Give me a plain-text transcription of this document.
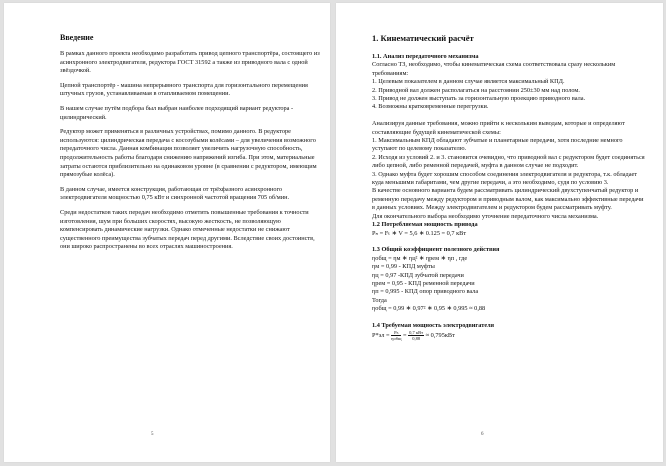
Введение

В рамках данного проекта необходимо разработать привод цепного транспортёра, состоящего из асинхронного электродвигателя, редуктора ГОСТ 31592 а также из приводного вала с одной звёздочкой.

Цепной транспортёр - машина непрерывного транспорта для горизонтального перемещения штучных грузов, устанавливаемая в отапливаемом помещении.

В нашем случае путём подбора был выбран наиболее подходящий вариант редуктора - цилиндрический.

Редуктор может применяться в различных устройствах, помимо данного. В редукторе используются: цилиндрическая передача с косозубыми колёсами – для увеличения возможного передаточного числа. Данная комбинация позволяет увеличить нагрузочную способность, продолжительность работы благодаря снижению напряжений изгиба. При этом, материальные затраты остаются приблизительно на одинаковом уровне (в сравнении с редуктором, имеющим прямозубые колёса).

В данном случае, имеется конструкция, работающая от трёхфазного асинхронного электродвигателя мощностью 0,75 кВт и синхронной частотой вращения 705 об/мин.

Среди недостатков таких передач необходимо отметить повышенные требования к точности изготовления, шум при больших скоростях, высокую жесткость, не позволяющую компенсировать динамические нагрузки. Однако отмеченные недостатки не снижают существенного преимущества зубчатых передач перед другими. Вследствие своих достоинств, они широко распространены во всех отраслях машиностроения.

5
1. Кинематический расчёт
1.1. Анализ передаточного механизма
Согласно ТЗ, необходимо, чтобы кинематическая схема соответствовала сразу нескольким требованиям:
1. Целевым показателем в данном случае является максимальный КПД.
2. Приводной вал должен располагаться на расстоянии 250±30 мм над полом.
3. Привод не должен выступать за горизонтальную проекцию приводного вала.
4. Возможны кратковременные перегрузки.
Анализируя данные требования, можно прийти к нескольким выводам, которые и определяют составляющие будущей кинематической схемы:
1. Максимальным КПД обладают зубчатые и планетарные передачи, хотя последние немного уступают по целевому показателю.
2. Исходя из условий 2. и 3. становится очевидно, что приводной вал с редуктором будет соединяться либо цепной, либо ременной передачей, муфта в данном случае не подходит.
3. Однако муфта будет хорошим способом соединения электродвигателя и редуктора, т.к. обладает куда меньшими габаритами, чем другие передачи, а это необходимо, судя по условию 3.
В качестве основного варианта будем рассматривать цилиндрический двухступенчатый редуктор и ременную передачу между редуктором и приводным валом, как максимально эффективные передачи в данных условиях. Между электродвигателем и редуктором будем рассматривать муфту.
Для окончательного выбора необходимо уточнение передаточного числа механизма.
1.2 Потребляемая мощность привода
Pₙ = Fₜ ∗ V = 5,6 ∗ 0.125 = 0,7 кВт
1.3 Общий коэффициент полезного действия
ηобщ = ηм ∗ ηц² ∗ ηрем ∗ ηп , где
ηм = 0,99 - КПД муфты
ηц = 0,97 -КПД зубчатой передачи
ηрем = 0,95 - КПД ременной передачи
ηп = 0,995 - КПД опор приводного вала
Тогда
ηобщ = 0,99 ∗ 0,97² ∗ 0,95 ∗ 0,995 ≈ 0,88
1.4 Требуемая мощность электродвигателя
$P*эл = \frac{\text{Pₙ}}{\text{ηобщ}} = \frac{\text{0,7 кВт}}{0,88} \approx 0,795кВт$
6
